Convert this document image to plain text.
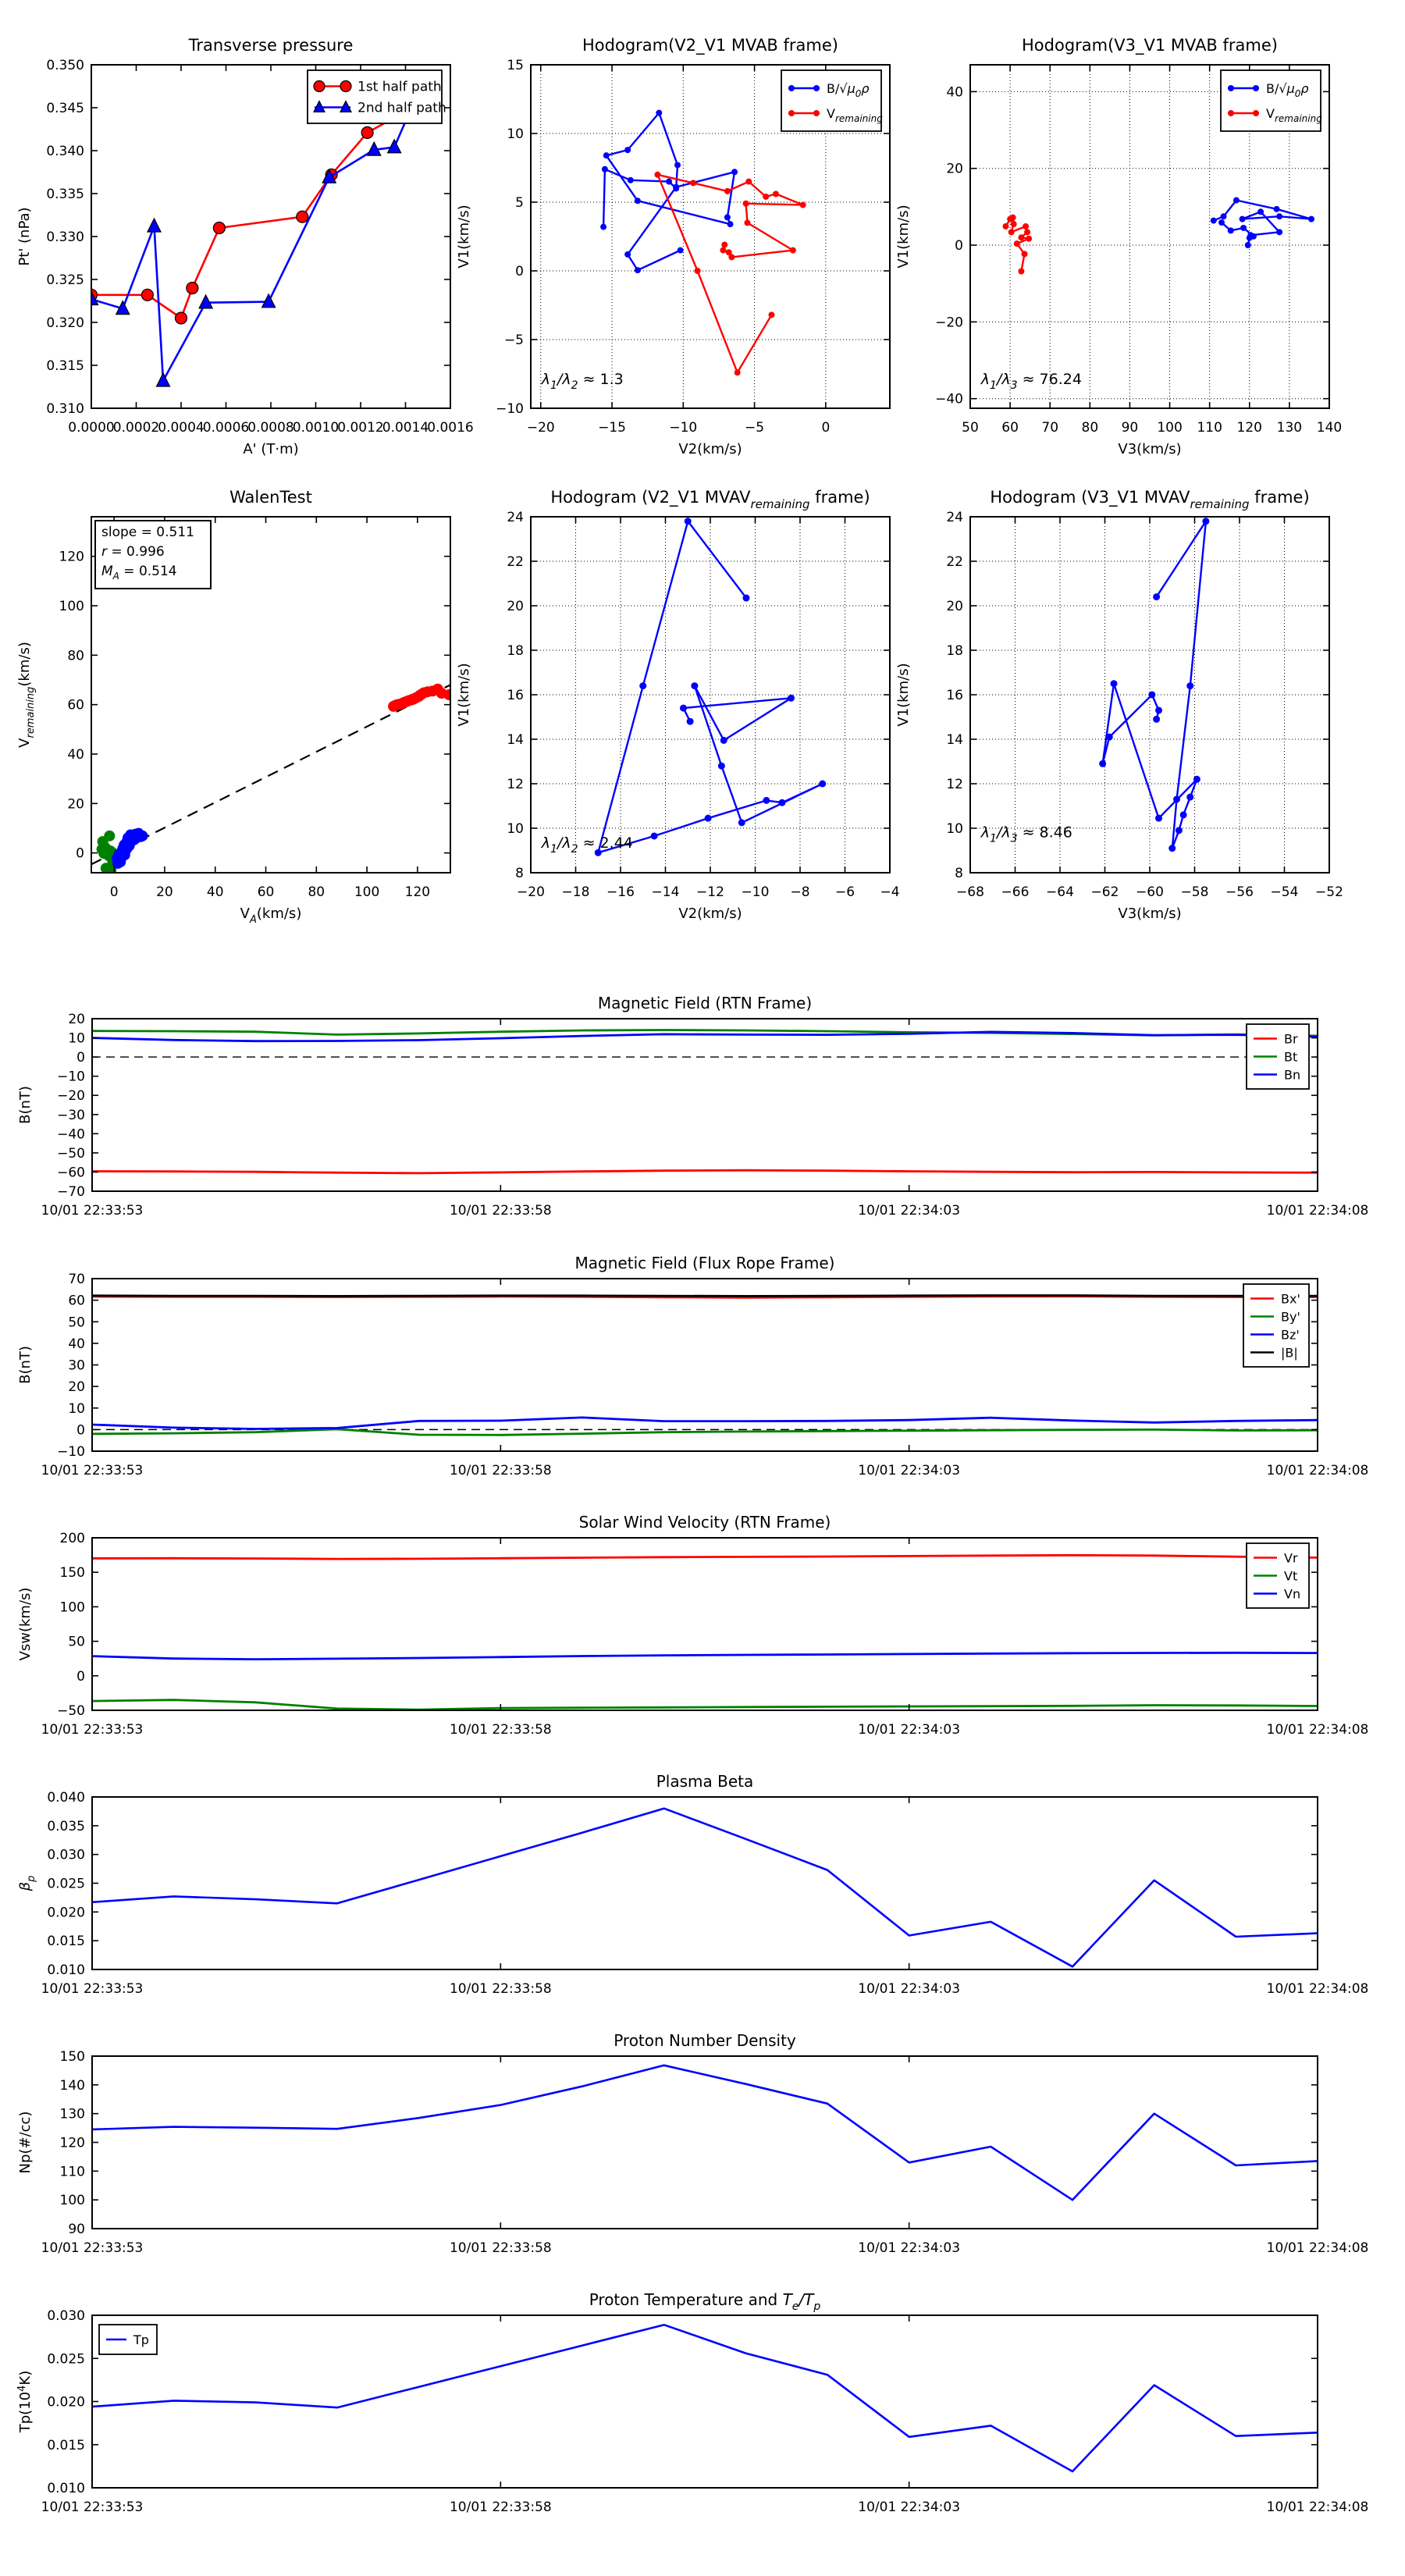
0.0000
0.0002
0.0004
0.0006
0.0008
0.0010
0.0012
0.0014
0.0016
0.310
0.315
0.320
0.325
0.330
0.335
0.340
0.345
0.350
Transverse pressure
A' (T·m)
Pt' (nPa)
1st half path
2nd half path
−20	−15	−10	−5	0
−10
−5
0
5
10
15
Hodogram(V2_V1 MVAB frame)
V2(km/s)
V1(km/s)
$\lambda_1/\lambda_2 \approx 1.3$
$B/√\mu_0\rho$
$V_{remaining}$
50 60 70 80 90 100 110 120 130 140
−40
−20
0
20
40
Hodogram(V3_V1 MVAB frame)
V3(km/s)
V1(km/s)
$\lambda_1/\lambda_3 \approx 76.24$
$B/√\mu_0\rho$
$V_{remaining}$
0	20	40	60	80 100 120
0
20
40
60
80
100
120
WalenTest
$V_A(km/s)$
$V_{remaining}(km/s)$
slope = 0.511
r = 0.996
$M_A = 0.514$
−20 −18 −16 −14 −12 −10 −8 −6 −4
8
10
12
14
16
18
20
22
24
Hodogram (V2_V1 $MVAV_{remaining}$ frame)
V2(km/s)
V1(km/s)
$\lambda_1/\lambda_2 \approx 2.44$
−68 −66 −64 −62 −60 −58 −56 −54 −52
8
10
12
14
16
18
20
22
24
Hodogram (V3_V1 $MVAV_{remaining}$ frame)
V3(km/s)
V1(km/s)
$\lambda_1/\lambda_3 \approx 8.46$
10/01 22:33:53	10/01 22:33:58	10/01 22:34:03	10/01 22:34:08
−70
−60
−50
−40
−30
−20
−10
0
10
20
Magnetic Field (RTN Frame)
B(nT)
Br
Bt
Bn
10/01 22:33:53	10/01 22:33:58	10/01 22:34:03	10/01 22:34:08
−10
0
10
20
30
40
50
60
70
Magnetic Field (Flux Rope Frame)
B(nT)
Bx'
By'
Bz'
|B|
10/01 22:33:53	10/01 22:33:58	10/01 22:34:03	10/01 22:34:08
−50
0
50
100
150
200
Solar Wind Velocity (RTN Frame)
Vsw(km/s)
Vr
Vt
Vn
10/01 22:33:53	10/01 22:33:58	10/01 22:34:03	10/01 22:34:08
0.010
0.015
0.020
0.025
0.030
0.035
0.040
Plasma Beta
$\beta_p$
10/01 22:33:53	10/01 22:33:58	10/01 22:34:03	10/01 22:34:08
90
100
110
120
130
140
150
Proton Number Density
Np(#/cc)
10/01 22:33:53	10/01 22:33:58	10/01 22:34:03	10/01 22:34:08
0.010
0.015
0.020
0.025
0.030
Proton Temperature and $T_e/T_p$
$Tp(10^4K)$
Tp
